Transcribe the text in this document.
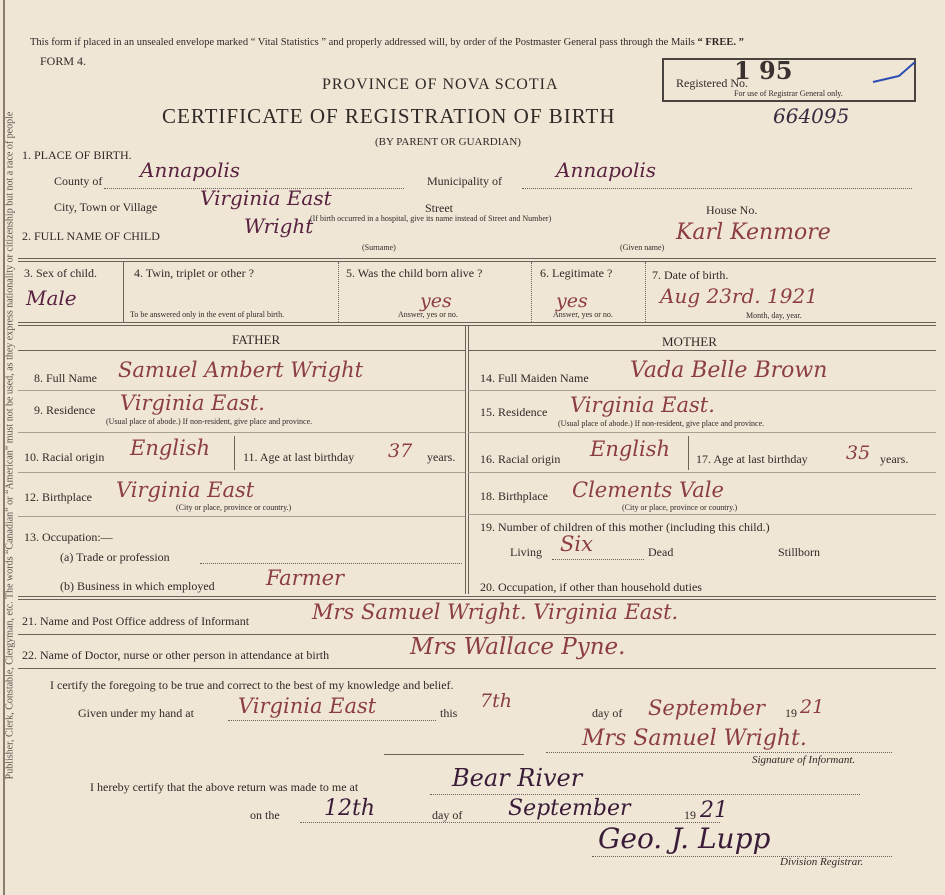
Publisher, Clerk, Constable, Clergyman, etc. The words “Canadian” or “American” must not be used, as they express nationality or citizenship but not a race of people
This form if placed in an unsealed envelope marked “ Vital Statistics ” and properly addressed will, by order of the Postmaster General pass through the Mails “ FREE. ”
FORM 4.
Registered No.
1 95
For use of Registrar General only.
PROVINCE OF NOVA SCOTIA
CERTIFICATE OF REGISTRATION OF BIRTH	664095
(BY PARENT OR GUARDIAN)
1. PLACE OF BIRTH.
County of Annapolis	Municipality of	Annapolis
City, Town or Village Virginia East	Street
(If birth occurred in a hospital, give its name instead of Street and Number)
House No.
2. FULL NAME OF CHILD	Wright
(Surname)
Karl Kenmore
(Given name)
3. Sex of child.
Male
4. Twin, triplet or other ?
To be answered only in the event of plural birth.
5. Was the child born alive ?
yes
Answer, yes or no.
6. Legitimate ?
yes
Answer, yes or no.
7. Date of birth.
Aug 23rd. 1921
Month, day, year.
FATHER	MOTHER
8. Full Name Samuel Ambert Wright
9. Residence Virginia East.
(Usual place of abode.) If non-resident, give place and province.
10. Racial origin English	11. Age at last birthday 37 years.
12. Birthplace Virginia East
(City or place, province or country.)
13. Occupation:—
(a) Trade or profession
(b) Business in which employed Farmer
14. Full Maiden Name Vada Belle Brown
15. Residence Virginia East.
(Usual place of abode.) If non-resident, give place and province.
16. Racial origin English 17. Age at last birthday 35 years.
18. Birthplace Clements Vale
(City or place, province or country.)
19. Number of children of this mother (including this child.)
Living Six	Dead	Stillborn
20. Occupation, if other than household duties
21. Name and Post Office address of Informant	Mrs Samuel Wright. Virginia East.
22. Name of Doctor, nurse or other person in attendance at birth	Mrs Wallace Pyne.
I certify the foregoing to be true and correct to the best of my knowledge and belief.
Given under my hand at Virginia East	this
7th
day of September 19 21
Mrs Samuel Wright.
Signature of Informant.
I hereby certify that the above return was made to me at	Bear River
on the 12th	day of September	19 21
Geo. J. Lupp
Division Registrar.
